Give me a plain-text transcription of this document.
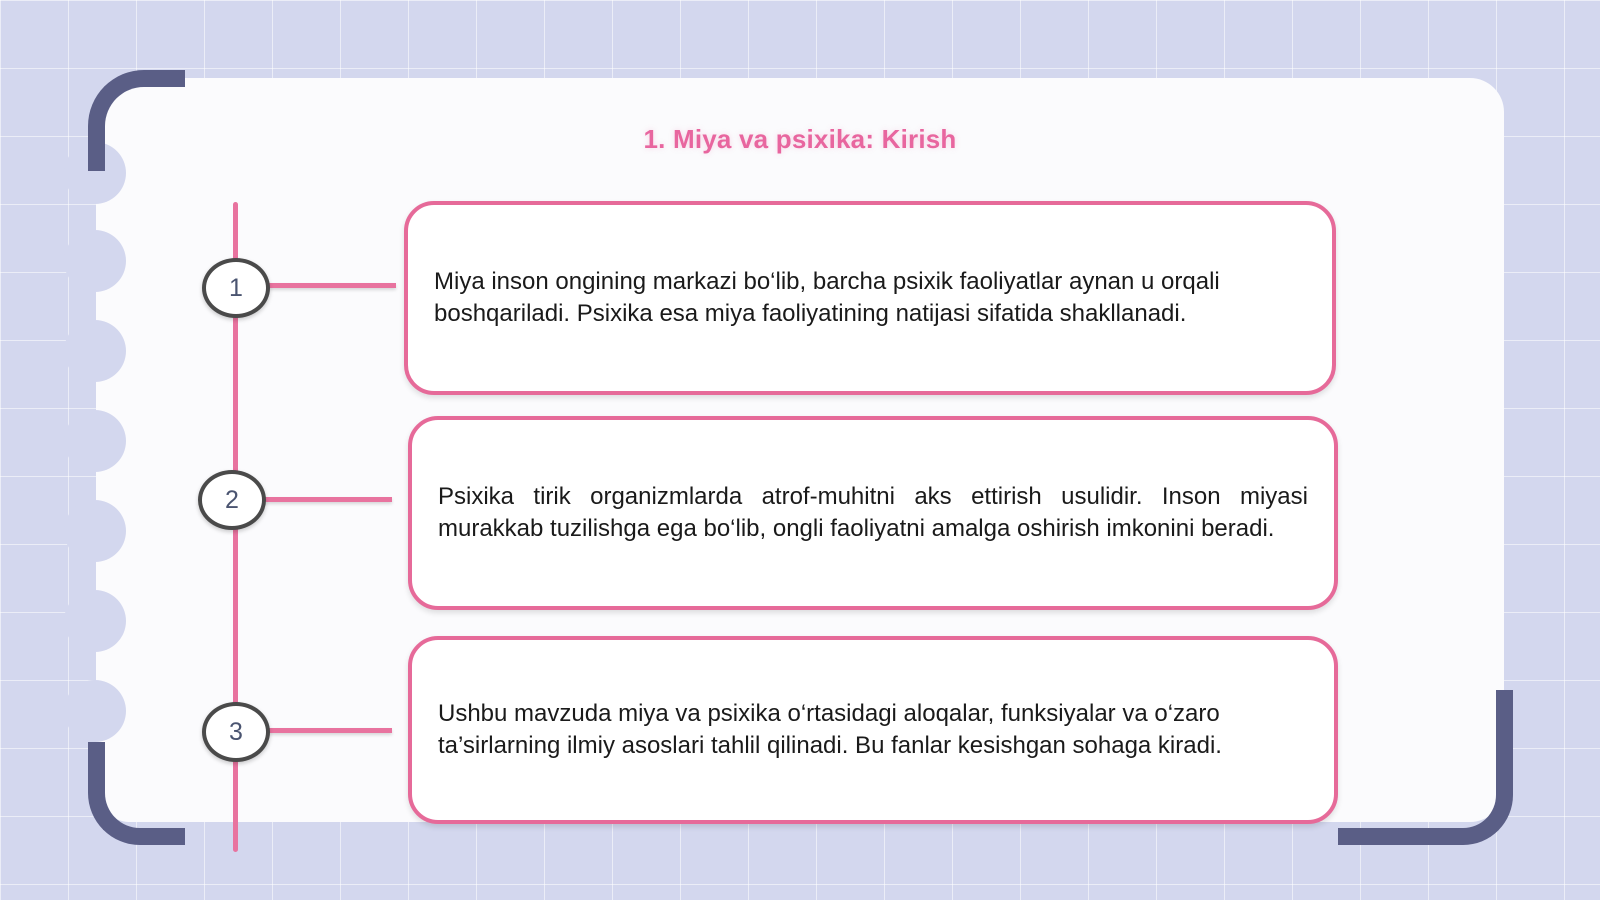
1. Miya va psixika: Kirish
1
2
3
Miya inson ongining markazi bo‘lib, barcha psixik faoliyatlar aynan u orqali boshqariladi. Psixika esa miya faoliyatining natijasi sifatida shakllanadi.
Psixika tirik organizmlarda atrof-muhitni aks ettirish usulidir. Inson miyasi murakkab tuzilishga ega bo‘lib, ongli faoliyatni amalga oshirish imkonini beradi.
Ushbu mavzuda miya va psixika o‘rtasidagi aloqalar, funksiyalar va o‘zaro ta’sirlarning ilmiy asoslari tahlil qilinadi. Bu fanlar kesishgan sohaga kiradi.
